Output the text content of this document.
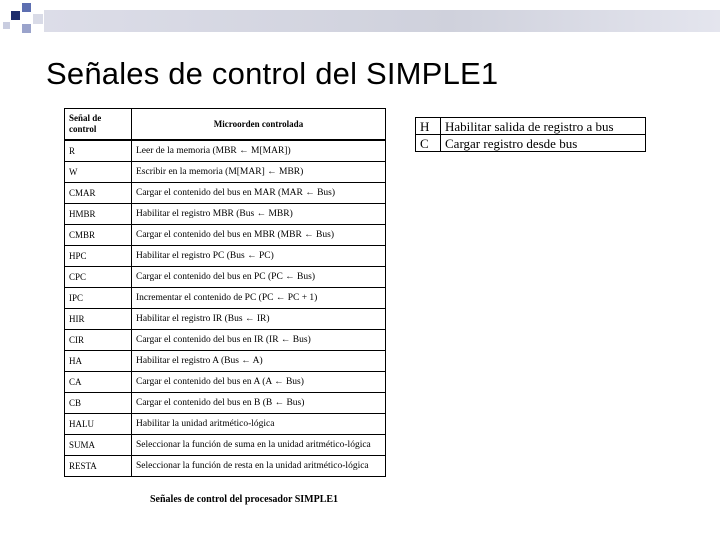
Señales de control del SIMPLE1
Señal de control	Microorden controlada
R	Leer de la memoria (MBR ← M[MAR])
W	Escribir en la memoria (M[MAR] ← MBR)
CMAR	Cargar el contenido del bus en MAR (MAR ← Bus)
HMBR	Habilitar el registro MBR (Bus ← MBR)
CMBR	Cargar el contenido del bus en MBR (MBR ← Bus)
HPC	Habilitar el registro PC (Bus ← PC)
CPC	Cargar el contenido del bus en PC (PC ← Bus)
IPC	Incrementar el contenido de PC (PC ← PC + 1)
HIR	Habilitar el registro IR (Bus ← IR)
CIR	Cargar el contenido del bus en IR (IR ← Bus)
HA	Habilitar el registro A (Bus ← A)
CA	Cargar el contenido del bus en A (A ← Bus)
CB	Cargar el contenido del bus en B (B ← Bus)
HALU	Habilitar la unidad aritmético-lógica
SUMA	Seleccionar la función de suma en la unidad aritmético-lógica
RESTA	Seleccionar la función de resta en la unidad aritmético-lógica
Señales de control del procesador SIMPLE1
H	Habilitar salida de registro a bus
C	Cargar registro desde bus
